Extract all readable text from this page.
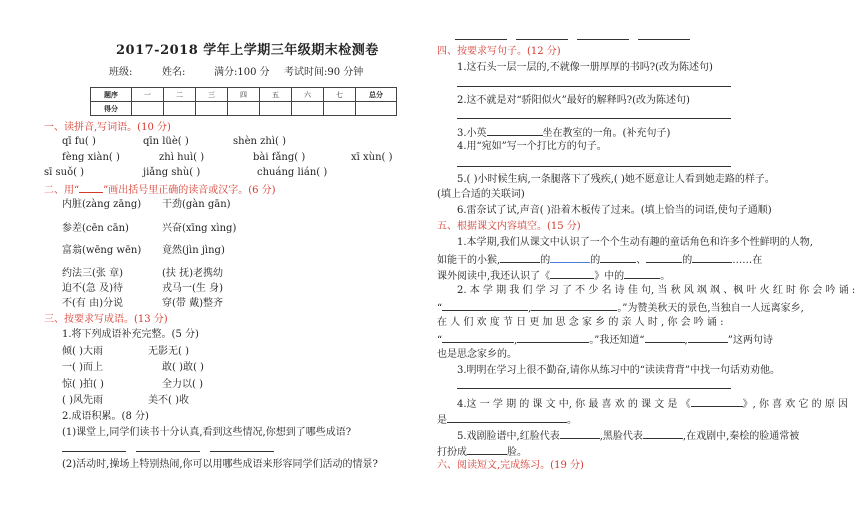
2017-2018 学年上学期三年级期末检测卷
班级:	姓名:	满分:100 分 考试时间:90 分钟
题序	一	二	三	四	五	六	七	总分
得分								
一、读拼音,写词语。(10 分)
qī fu( )	qīn lüè( )	shèn zhì( )
fèng xiàn( )	zhì huì( )	bài fǎng( )	xī xùn( )
sī suǒ( )	jiǎng shù( )	chuáng lián( )
二、用“ ”画出括号里正确的读音或汉字。(6 分)
内脏(zàng zāng) 干劲(gàn gān)
参差(cēn cān)	兴奋(xīng xìng)
富翁(wēng wēn) 竟然(jìn jìng)
约法三(张 章)	(扶 抚)老携幼
迫不(急 及)待	戎马一(生 身)
不(有 由)分说	穿(带 戴)整齐
三、按要求写成语。(13 分)
1.将下列成语补充完整。(5 分)
倾( )大雨	无影无( )
一( )而上	敢( )敢( )
惊( )拍( )	全力以( )
( )风先雨	美不( )收
2.成语积累。(8 分)
(1)课堂上,同学们读书十分认真,看到这些情况,你想到了哪些成语?
(2)活动时,操场上特别热闹,你可以用哪些成语来形容同学们活动的情景?
四、按要求写句子。(12 分)
1.这石头一层一层的,不就像一册厚厚的书吗?(改为陈述句)
2.这不就是对“骄阳似火”最好的解释吗?(改为陈述句)
3.小英	坐在教室的一角。(补充句子)
4.用“宛如”写一个打比方的句子。
5.( )小时候生病,一条腿落下了残疾,( )她不愿意让人看到她走路的样子。
(填上合适的关联词)
6.雷奈试了试,声音( )沿着木板传了过来。(填上恰当的词语,使句子通顺)
五、根据课文内容填空。(15 分)
1.本学期,我们从课文中认识了一个个生动有趣的童话角色和许多个性鲜明的人物,
如能干的小猴,	的	的	、	的	……在
课外阅读中,我还认识了《	》中的	。
2. 本 学 期 我 们 学 习 了 不 少 名 诗 佳 句, 当 秋 风 飒 飒 、枫 叶 火 红 时 你 会 吟 诵 :
“	,	。”为赞美秋天的景色,当独自一人远离家乡,
在 人 们 欢 度 节 日 更 加 思 念 家 乡 的 亲 人 时 , 你 会 吟 诵 :
“	,	。”我还知道“	,	”这两句诗
也是思念家乡的。
3.明明在学习上很不勤奋,请你从练习中的“读读背背”中找一句话劝劝他。
4.这 一 学 期 的 课 文 中, 你 最 喜 欢 的 课 文 是 《	》, 你 喜 欢 它 的 原 因
是	。
5.戏剧脸谱中,红脸代表	,黑脸代表	,在戏剧中,秦桧的脸通常被
打扮成	脸。
六、阅读短文,完成练习。(19 分)
